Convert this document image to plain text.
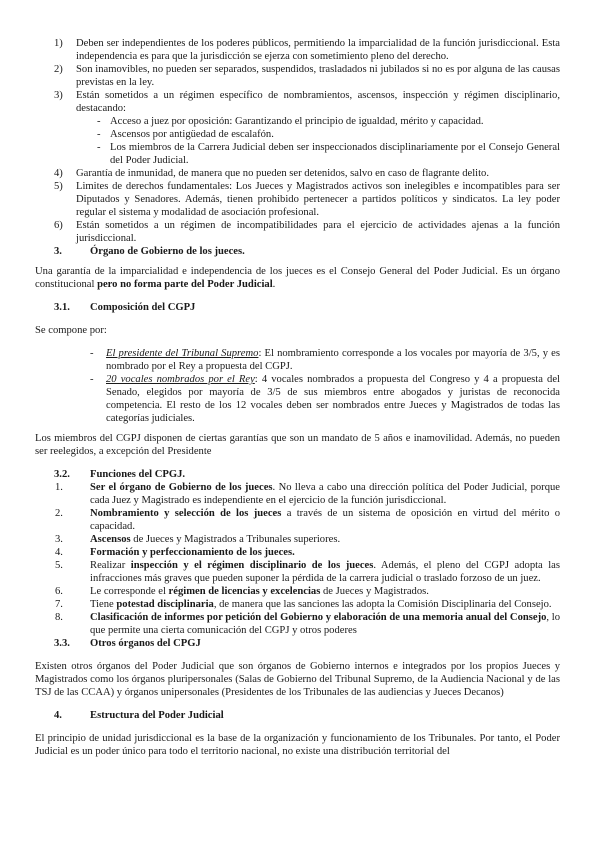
1) Deben ser independientes de los poderes públicos, permitiendo la imparcialidad de la función jurisdiccional. Esta independencia es para que la jurisdicción se ejerza con sometimiento pleno del derecho.
2) Son inamovibles, no pueden ser separados, suspendidos, trasladados ni jubilados si no es por alguna de las causas previstas en la ley.
3) Están sometidos a un régimen específico de nombramientos, ascensos, inspección y régimen disciplinario, destacando:
- Acceso a juez por oposición: Garantizando el principio de igualdad, mérito y capacidad.
- Ascensos por antigüedad de escalafón.
- Los miembros de la Carrera Judicial deben ser inspeccionados disciplinariamente por el Consejo General del Poder Judicial.
4) Garantía de inmunidad, de manera que no pueden ser detenidos, salvo en caso de flagrante delito.
5) Limites de derechos fundamentales: Los Jueces y Magistrados activos son inelegibles e incompatibles para ser Diputados y Senadores. Además, tienen prohibido pertenecer a partidos políticos y sindicatos. La ley poder regular el sistema y modalidad de asociación profesional.
6) Están sometidos a un régimen de incompatibilidades para el ejercicio de actividades ajenas a la función jurisdiccional.
3.	Órgano de Gobierno de los jueces.

Una garantía de la imparcialidad e independencia de los jueces es el Consejo General del Poder Judicial. Es un órgano constitucional pero no forma parte del Poder Judicial.

3.1. Composición del CGPJ

Se compone por:

- El presidente del Tribunal Supremo: El nombramiento corresponde a los vocales por mayoría de 3/5, y es nombrado por el Rey a propuesta del CGPJ.
- 20 vocales nombrados por el Rey: 4 vocales nombrados a propuesta del Congreso y 4 a propuesta del Senado, elegidos por mayoría de 3/5 de sus miembros entre abogados y juristas de reconocida competencia. El resto de los 12 vocales deben ser nombrados entre Jueces y Magistrados de todas las categorías judiciales.

Los miembros del CGPJ disponen de ciertas garantías que son un mandato de 5 años e inamovilidad. Además, no pueden ser reelegidos, a excepción del Presidente

3.2. Funciones del CPGJ.
1.	Ser el órgano de Gobierno de los jueces. No lleva a cabo una dirección política del Poder Judicial, porque cada Juez y Magistrado es independiente en el ejercicio de la función jurisdiccional.
2.	Nombramiento y selección de los jueces a través de un sistema de oposición en virtud del mérito o capacidad.
3.	Ascensos de Jueces y Magistrados a Tribunales superiores.
4.	Formación y perfeccionamiento de los jueces.
5.	Realizar inspección y el régimen disciplinario de los jueces. Además, el pleno del CGPJ adopta las infracciones más graves que pueden suponer la pérdida de la carrera judicial o traslado forzoso de un juez.
6.	Le corresponde el régimen de licencias y excelencias de Jueces y Magistrados.
7.	Tiene potestad disciplinaria, de manera que las sanciones las adopta la Comisión Disciplinaria del Consejo.
8.	Clasificación de informes por petición del Gobierno y elaboración de una memoria anual del Consejo, lo que permite una cierta comunicación del CGPJ y otros poderes
3.3. Otros órganos del CPGJ

Existen otros órganos del Poder Judicial que son órganos de Gobierno internos e integrados por los propios Jueces y Magistrados como los órganos pluripersonales (Salas de Gobierno del Tribunal Supremo, de la Audiencia Nacional y de las TSJ de las CCAA) y órganos unipersonales (Presidentes de los Tribunales de las audiencias y Jueces Decanos)

4.	Estructura del Poder Judicial

El principio de unidad jurisdiccional es la base de la organización y funcionamiento de los Tribunales. Por tanto, el Poder Judicial es un poder único para todo el territorio nacional, no existe una distribución territorial del
